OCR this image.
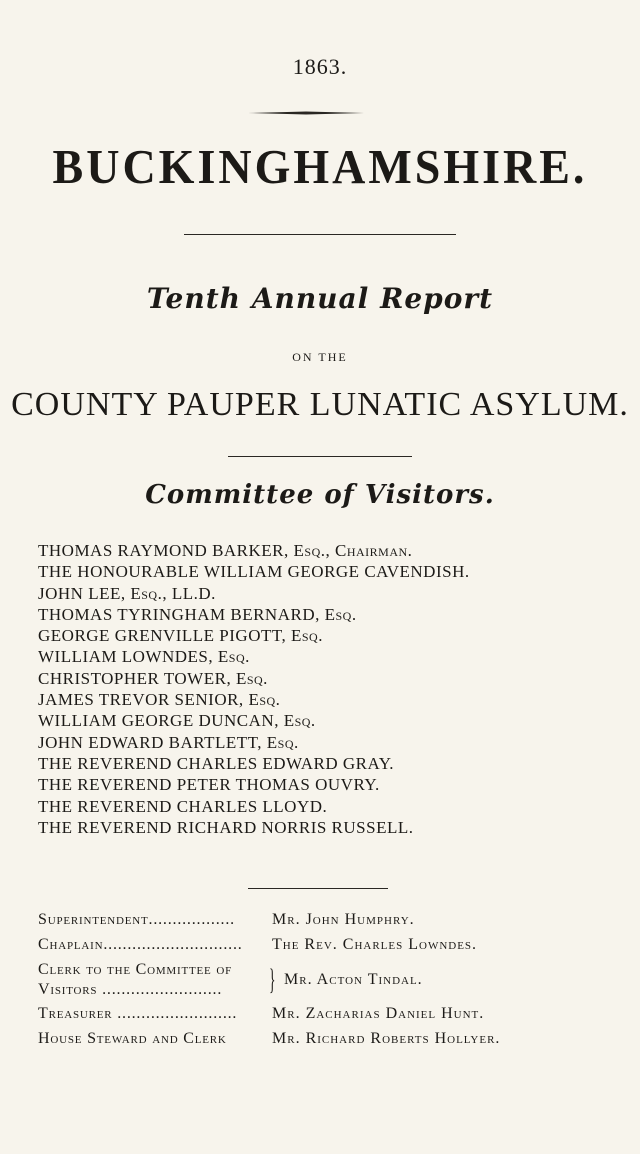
1863.
BUCKINGHAMSHIRE.
Tenth Annual Report
ON THE
COUNTY PAUPER LUNATIC ASYLUM.
Committee of Visitors.
THOMAS RAYMOND BARKER, Esq., Chairman.
THE HONOURABLE WILLIAM GEORGE CAVENDISH.
JOHN LEE, Esq., LL.D.
THOMAS TYRINGHAM BERNARD, Esq.
GEORGE GRENVILLE PIGOTT, Esq.
WILLIAM LOWNDES, Esq.
CHRISTOPHER TOWER, Esq.
JAMES TREVOR SENIOR, Esq.
WILLIAM GEORGE DUNCAN, Esq.
JOHN EDWARD BARTLETT, Esq.
THE REVEREND CHARLES EDWARD GRAY.
THE REVEREND PETER THOMAS OUVRY.
THE REVEREND CHARLES LLOYD.
THE REVEREND RICHARD NORRIS RUSSELL.
Superintendent.................. Mr. John Humphry.
Chaplain............................. The Rev. Charles Lowndes.
Clerk to the Committee of
Visitors .........................	} Mr. Acton Tindal.
Treasurer ......................... Mr. Zacharias Daniel Hunt.
House Steward and Clerk	Mr. Richard Roberts Hollyer.
